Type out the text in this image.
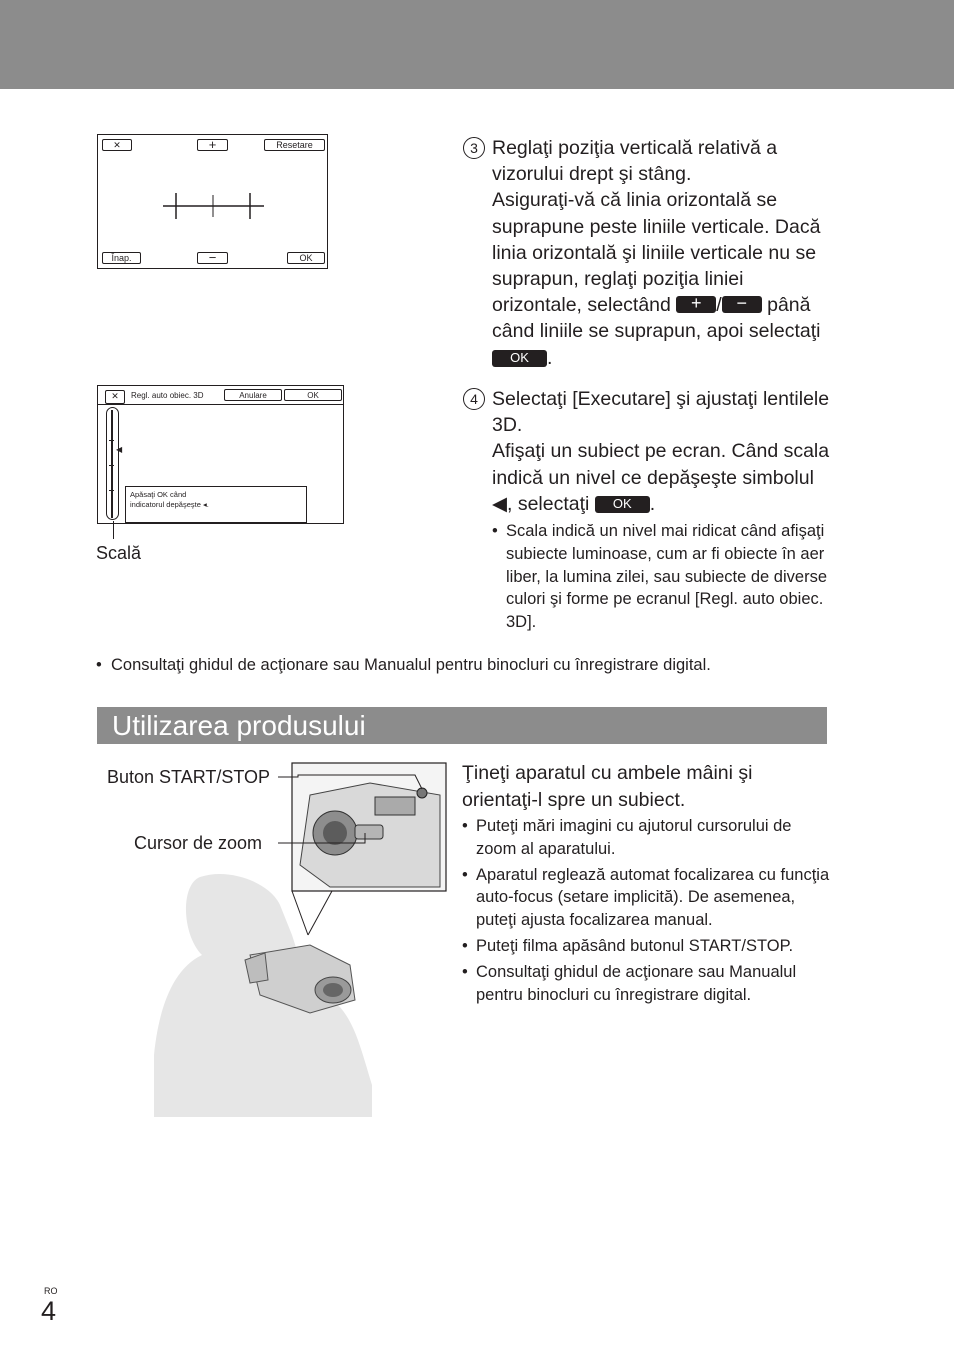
✕	+	Resetare
Înap.	−	OK
3 Reglaţi poziţia verticală relativă a vizorului drept şi stâng.
Asiguraţi-vă că linia orizontală se suprapune peste liniile verticale. Dacă linia orizontală şi liniile verticale nu se suprapun, reglaţi poziţia liniei orizontale, selectând + / − până când liniile se suprapun, apoi selectaţi OK .
✕	Regl. auto obiec. 3D	Anulare	OK
◀
Apăsaţi OK când
indicatorul depăşeşte ◂.
Scală
4 Selectaţi [Executare] şi ajustaţi lentilele 3D.
Afişaţi un subiect pe ecran. Când scala indică un nivel ce depăşeşte simbolul ◀, selectaţi OK .
• Scala indică un nivel mai ridicat când afişaţi subiecte luminoase, cum ar fi obiecte în aer liber, la lumina zilei, sau subiecte de diverse culori şi forme pe ecranul [Regl. auto obiec. 3D].
• Consultaţi ghidul de acţionare sau Manualul pentru binocluri cu înregistrare digital.
Utilizarea produsului
Buton START/STOP
Cursor de zoom
Ţineţi aparatul cu ambele mâini şi orientaţi-l spre un subiect.
• Puteţi mări imagini cu ajutorul cursorului de zoom al aparatului.
• Aparatul reglează automat focalizarea cu funcţia auto-focus (setare implicită). De asemenea, puteţi ajusta focalizarea manual.
• Puteţi filma apăsând butonul START/STOP.
• Consultaţi ghidul de acţionare sau Manualul pentru binocluri cu înregistrare digital.
RO
4
